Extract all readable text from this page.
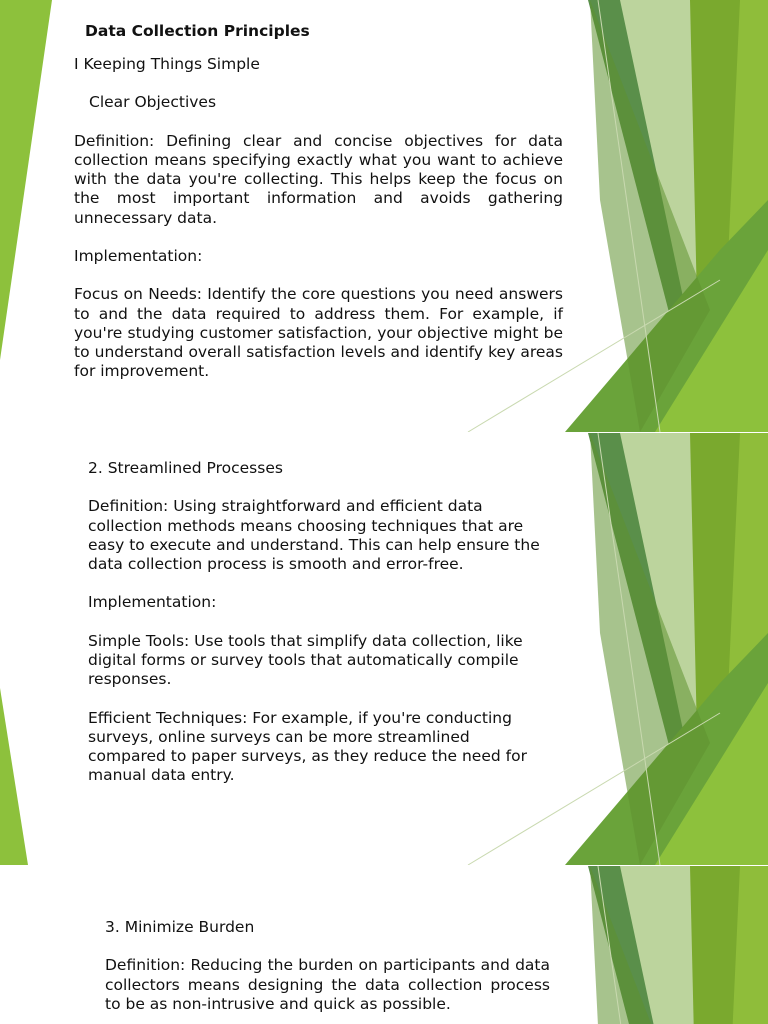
Data Collection Principles

I Keeping Things Simple

Clear Objectives

Definition: Defining clear and concise objectives for data collection means specifying exactly what you want to achieve with the data you're collecting. This helps keep the focus on the most important information and avoids gathering unnecessary data.

Implementation:

Focus on Needs: Identify the core questions you need answers to and the data required to address them. For example, if you're studying customer satisfaction, your objective might be to understand overall satisfaction levels and identify key areas for improvement.

2. Streamlined Processes

Definition: Using straightforward and efficient data collection methods means choosing techniques that are easy to execute and understand. This can help ensure the data collection process is smooth and error-free.

Implementation:

Simple Tools: Use tools that simplify data collection, like digital forms or survey tools that automatically compile responses.

Efficient Techniques: For example, if you're conducting surveys, online surveys can be more streamlined compared to paper surveys, as they reduce the need for manual data entry.

3. Minimize Burden

Definition: Reducing the burden on participants and data collectors means designing the data collection process to be as non-intrusive and quick as possible.
